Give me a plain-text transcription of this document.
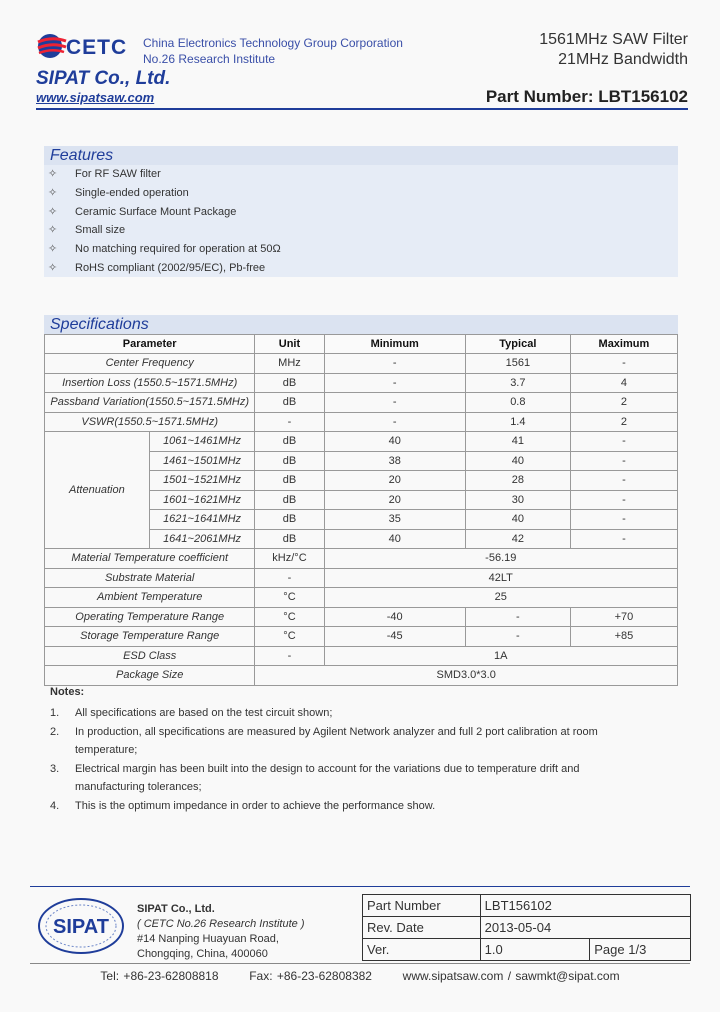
CETC China Electronics Technology Group Corporation
No.26 Research Institute
1561MHz SAW Filter
21MHz Bandwidth
SIPAT Co., Ltd.
www.sipatsaw.com	Part Number: LBT156102
Features
✧ For RF SAW filter
✧ Single-ended operation
✧ Ceramic Surface Mount Package
✧ Small size
✧ No matching required for operation at 50Ω
✧ RoHS compliant (2002/95/EC), Pb-free
Specifications
Parameter		Unit	Minimum	Typical	Maximum
Center Frequency		MHz	-	1561	-
Insertion Loss (1550.5~1571.5MHz)		dB	-	3.7	4
Passband Variation(1550.5~1571.5MHz)		dB	-	0.8	2
VSWR(1550.5~1571.5MHz)		-	-	1.4	2
Attenuation	1061~1461MHz	dB	40	41	-
	1461~1501MHz	dB	38	40	-
	1501~1521MHz	dB	20	28	-
	1601~1621MHz	dB	20	30	-
	1621~1641MHz	dB	35	40	-
	1641~2061MHz	dB	40	42	-
Material Temperature coefficient		kHz/°C	-56.19		
Substrate Material		-	42LT		
Ambient Temperature		°C	25		
Operating Temperature Range		°C	-40	-	+70
Storage Temperature Range		°C	-45	-	+85
ESD Class		-	1A		
Package Size		SMD3.0*3.0			
Notes:
1. All specifications are based on the test circuit shown;
2. In production, all specifications are measured by Agilent Network analyzer and full 2 port calibration at room temperature;
3. Electrical margin has been built into the design to account for the variations due to temperature drift and manufacturing tolerances;
4. This is the optimum impedance in order to achieve the performance show.
SIPAT
SIPAT Co., Ltd.
( CETC No.26 Research Institute )
#14 Nanping Huayuan Road,
Chongqing, China, 400060
Part Number	LBT156102	
Rev. Date	2013-05-04	
Ver.	1.0	Page 1/3
Tel: +86-23-62808818	Fax: +86-23-62808382	www.sipatsaw.com / sawmkt@sipat.com
